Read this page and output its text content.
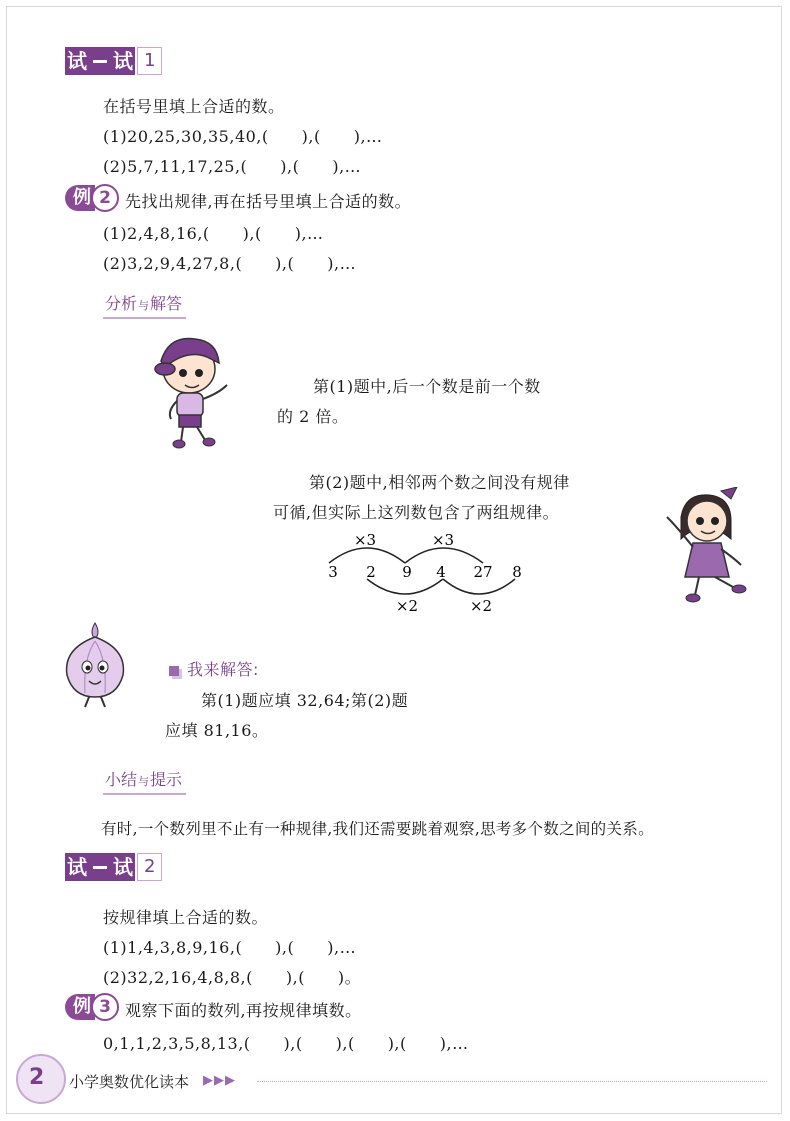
试 试 1
在括号里填上合适的数。
(1)20,25,30,35,40,(　　),(　　),…
(2)5,7,11,17,25,(　　),(　　),…
例 2 先找出规律,再在括号里填上合适的数。
(1)2,4,8,16,(　　),(　　),…
(2)3,2,9,4,27,8,(　　),(　　),…
分析与解答
第(1)题中,后一个数是前一个数
的 2 倍。
第(2)题中,相邻两个数之间没有规律
可循,但实际上这列数包含了两组规律。
×3	×3
3 2 9 4 27 8
×2	×2
我来解答:
第(1)题应填 32,64;第(2)题
应填 81,16。
小结与提示
有时,一个数列里不止有一种规律,我们还需要跳着观察,思考多个数之间的关系。
试 试 2
按规律填上合适的数。
(1)1,4,3,8,9,16,(　　),(　　),…
(2)32,2,16,4,8,8,(　　),(　　)。
例 3 观察下面的数列,再按规律填数。
0,1,1,2,3,5,8,13,(　　),(　　),(　　),(　　),…
2 小学奥数优化读本 ▶▶▶
